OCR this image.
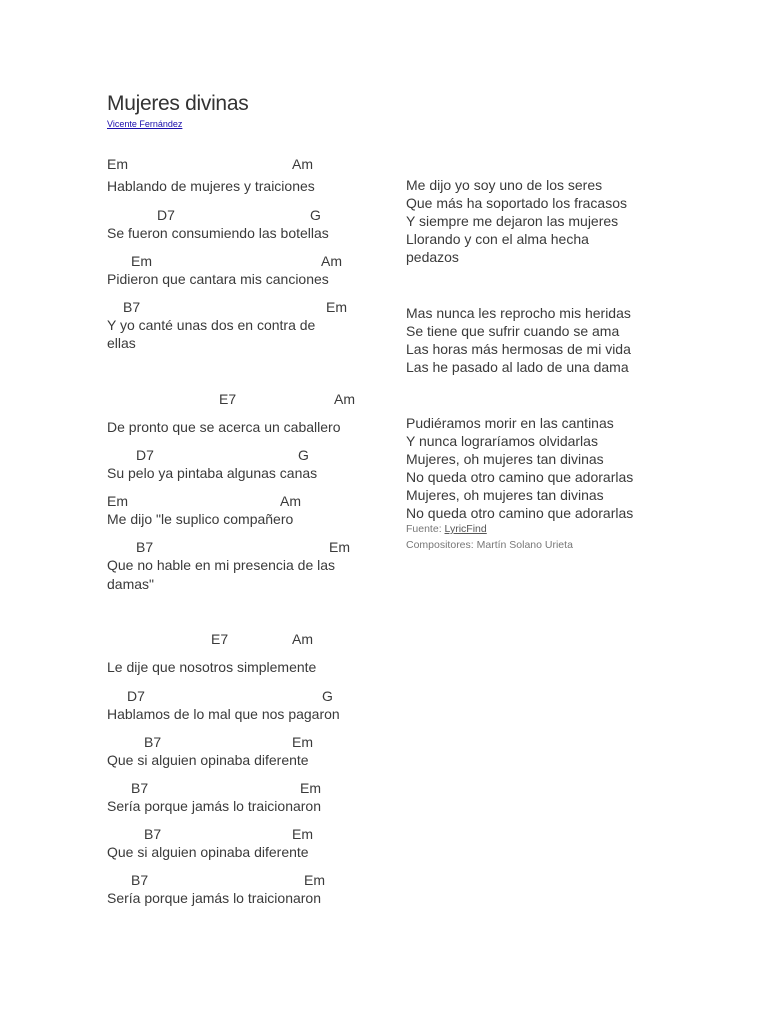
Mujeres divinas
Vicente Fernández
Em	Am
Hablando de mujeres y traiciones
D7	G
Se fueron consumiendo las botellas
Em	Am
Pidieron que cantara mis canciones
B7	Em
Y yo canté unas dos en contra de
ellas
E7	Am
De pronto que se acerca un caballero
D7	G
Su pelo ya pintaba algunas canas
Em	Am
Me dijo "le suplico compañero
B7	Em
Que no hable en mi presencia de las
damas"
E7	Am
Le dije que nosotros simplemente
D7	G
Hablamos de lo mal que nos pagaron
B7	Em
Que si alguien opinaba diferente
B7	Em
Sería porque jamás lo traicionaron
B7	Em
Que si alguien opinaba diferente
B7	Em
Sería porque jamás lo traicionaron
Me dijo yo soy uno de los seres
Que más ha soportado los fracasos
Y siempre me dejaron las mujeres
Llorando y con el alma hecha
pedazos
Mas nunca les reprocho mis heridas
Se tiene que sufrir cuando se ama
Las horas más hermosas de mi vida
Las he pasado al lado de una dama
Pudiéramos morir en las cantinas
Y nunca lograríamos olvidarlas
Mujeres, oh mujeres tan divinas
No queda otro camino que adorarlas
Mujeres, oh mujeres tan divinas
No queda otro camino que adorarlas
Fuente: LyricFind
Compositores: Martín Solano Urieta
